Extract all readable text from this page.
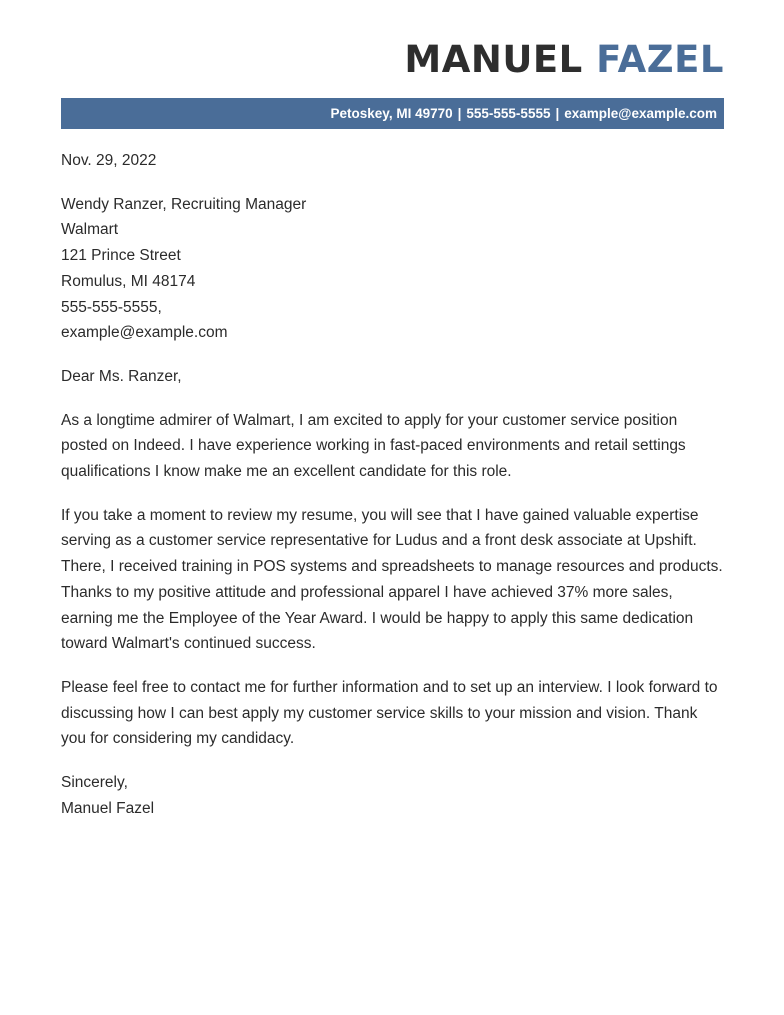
MANUEL FAZEL
Petoskey, MI 49770 | 555-555-5555 | example@example.com

Nov. 29, 2022

Wendy Ranzer, Recruiting Manager

Walmart

121 Prince Street

Romulus, MI 48174

555-555-5555,

example@example.com

Dear Ms. Ranzer,

As a longtime admirer of Walmart, I am excited to apply for your customer service position posted on Indeed. I have experience working in fast-paced environments and retail settings qualifications I know make me an excellent candidate for this role.

If you take a moment to review my resume, you will see that I have gained valuable expertise serving as a customer service representative for Ludus and a front desk associate at Upshift. There, I received training in POS systems and spreadsheets to manage resources and products. Thanks to my positive attitude and professional apparel I have achieved 37% more sales, earning me the Employee of the Year Award. I would be happy to apply this same dedication toward Walmart's continued success.

Please feel free to contact me for further information and to set up an interview. I look forward to discussing how I can best apply my customer service skills to your mission and vision. Thank you for considering my candidacy.

Sincerely,

Manuel Fazel
